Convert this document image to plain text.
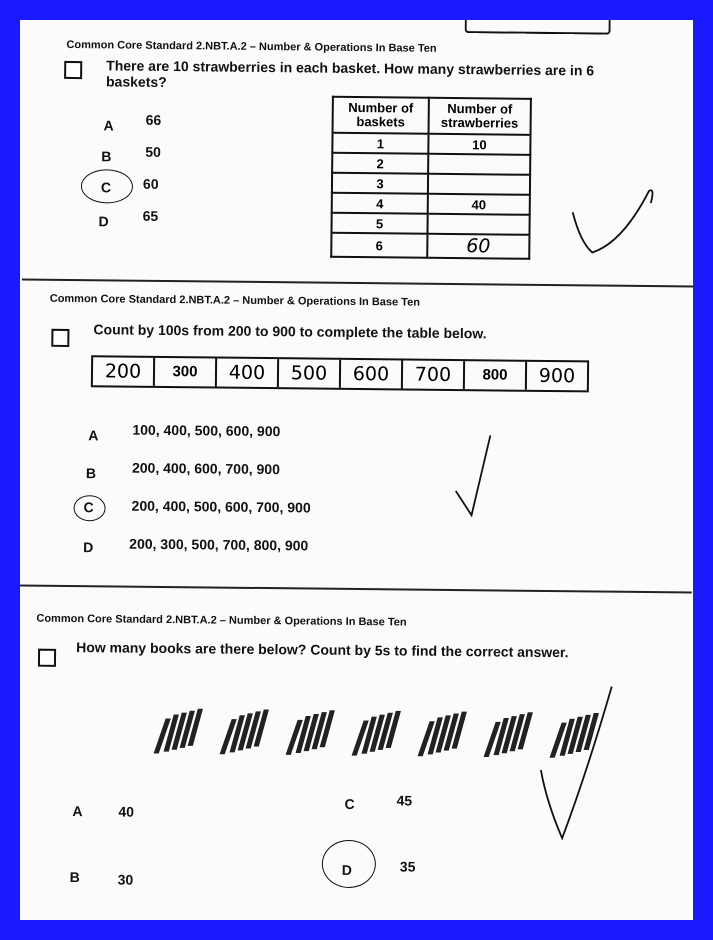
Common Core Standard 2.NBT.A.2 – Number & Operations In Base Ten
There are 10 strawberries in each basket. How many strawberries are in 6 baskets?
A 66
B 50
C 60
D 65
Number of baskets	Number of strawberries
1	10
2	
3	
4	40
5	
6	60
Common Core Standard 2.NBT.A.2 – Number & Operations In Base Ten
Count by 100s from 200 to 900 to complete the table below.
200	300	400	500	600	700	800	900
A 100, 400, 500, 600, 900
B	200, 400, 600, 700, 900
C	200, 400, 500, 600, 700, 900
D	200, 300, 500, 700, 800, 900
Common Core Standard 2.NBT.A.2 – Number & Operations In Base Ten
How many books are there below? Count by 5s to find the correct answer.
A	40
B	30
C	45
D	35
